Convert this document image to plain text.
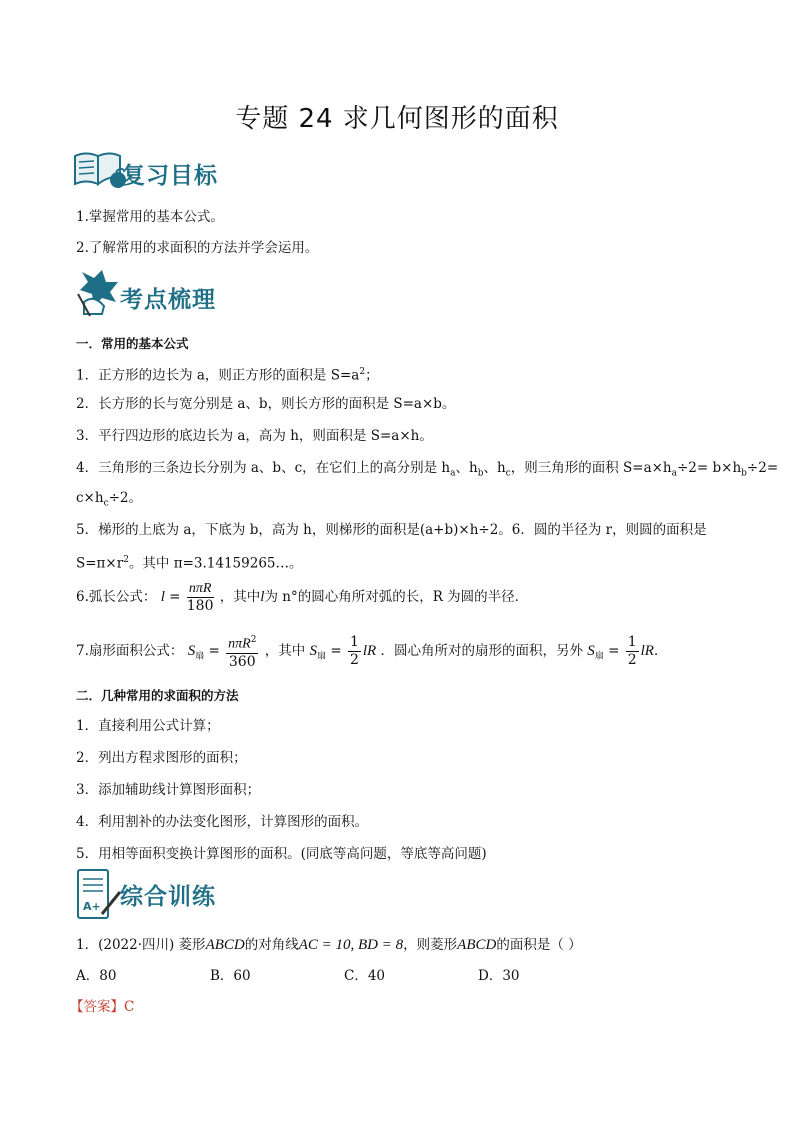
专题 24 求几何图形的面积
复习目标
1.掌握常用的基本公式。
2.了解常用的求面积的方法并学会运用。
考点梳理
一．常用的基本公式
1．正方形的边长为 a，则正方形的面积是 $S=a^2$；
2．长方形的长与宽分别是 a、b，则长方形的面积是 S=a×b。
3．平行四边形的底边长为 a，高为 h，则面积是 S=a×h。
4．三角形的三条边长分别为 a、b、c，在它们上的高分别是 $h_a$、$h_b$、$h_c$，则三角形的面积 $S=a\times h_a\div 2= b\times h_b\div 2=$
$c\times h_c\div 2$。
5．梯形的上底为 a，下底为 b，高为 h，则梯形的面积是(a+b)×h÷2。6．圆的半径为 r，则圆的面积是
$S=\pi\times r^2$。其中 π=3.14159265…。
6.弧长公式： $l = \frac{\text{nπR}}{180}$ ，其中l为 n°的圆心角所对弧的长，R 为圆的半径．
7.扇形面积公式： $S_扇 = \frac{n\pi R^2}{360}$ ，其中 $S_扇 = \frac{1}{2}$ lR ．圆心角所对的扇形的面积，另外 $S_扇 = \frac{1}{2}$ lR．
二．几种常用的求面积的方法
1．直接利用公式计算；
2．列出方程求图形的面积；
3．添加辅助线计算图形面积；
4．利用割补的办法变化图形，计算图形的面积。
5．用相等面积变换计算图形的面积。(同底等高问题，等底等高问题)
A+ 综合训练
1．(2022·四川) 菱形ABCD的对角线AC = 10, BD = 8，则菱形ABCD的面积是（ ）
A．80	B．60	C．40	D．30
【答案】C
